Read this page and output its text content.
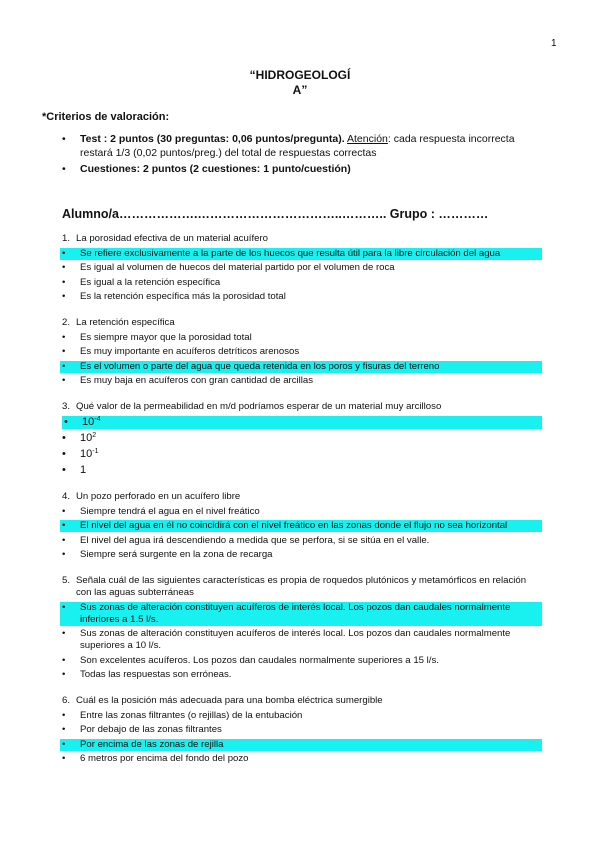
1
“HIDROGEOLOGÍ
A”
*Criterios de valoración:
• Test : 2 puntos (30 preguntas: 0,06 puntos/pregunta). Atención: cada respuesta incorrecta restará 1/3 (0,02 puntos/preg.) del total de respuestas correctas
• Cuestiones: 2 puntos (2 cuestiones: 1 punto/cuestión)
Alumno/a……………….……………………………..……….. Grupo : …………
1. La porosidad efectiva de un material acuífero
• Se refiere exclusivamente a la parte de los huecos que resulta útil para la libre circulación del agua
• Es igual al volumen de huecos del material partido por el volumen de roca
• Es igual a la retención específica
• Es la retención específica más la porosidad total
2. La retención específica
• Es siempre mayor que la porosidad total
• Es muy importante en acuíferos detríticos arenosos
• Es el volumen o parte del agua que queda retenida en los poros y fisuras del terreno
• Es muy baja en acuíferos con gran cantidad de arcillas
3. Qué valor de la permeabilidad en m/d podríamos esperar de un material muy arcilloso
• $10^{-4}$
• $10^2$
• $10^{-1}$
• 1
4. Un pozo perforado en un acuífero libre
• Siempre tendrá el agua en el nivel freático
• El nivel del agua en él no coincidirá con el nivel freático en las zonas donde el flujo no sea horizontal
• El nivel del agua irá descendiendo a medida que se perfora, si se sitúa en el valle.
• Siempre será surgente en la zona de recarga
5. Señala cuál de las siguientes características es propia de roquedos plutónicos y metamórficos en relación con las aguas subterráneas
• Sus zonas de alteración constituyen acuíferos de interés local. Los pozos dan caudales normalmente inferiores a 1.5 l/s.
• Sus zonas de alteración constituyen acuíferos de interés local. Los pozos dan caudales normalmente superiores a 10 l/s.
• Son excelentes acuíferos. Los pozos dan caudales normalmente superiores a 15 l/s.
• Todas las respuestas son erróneas.
6. Cuál es la posición más adecuada para una bomba eléctrica sumergible
• Entre las zonas filtrantes (o rejillas) de la entubación
• Por debajo de las zonas filtrantes
• Por encima de las zonas de rejilla
• 6 metros por encima del fondo del pozo
